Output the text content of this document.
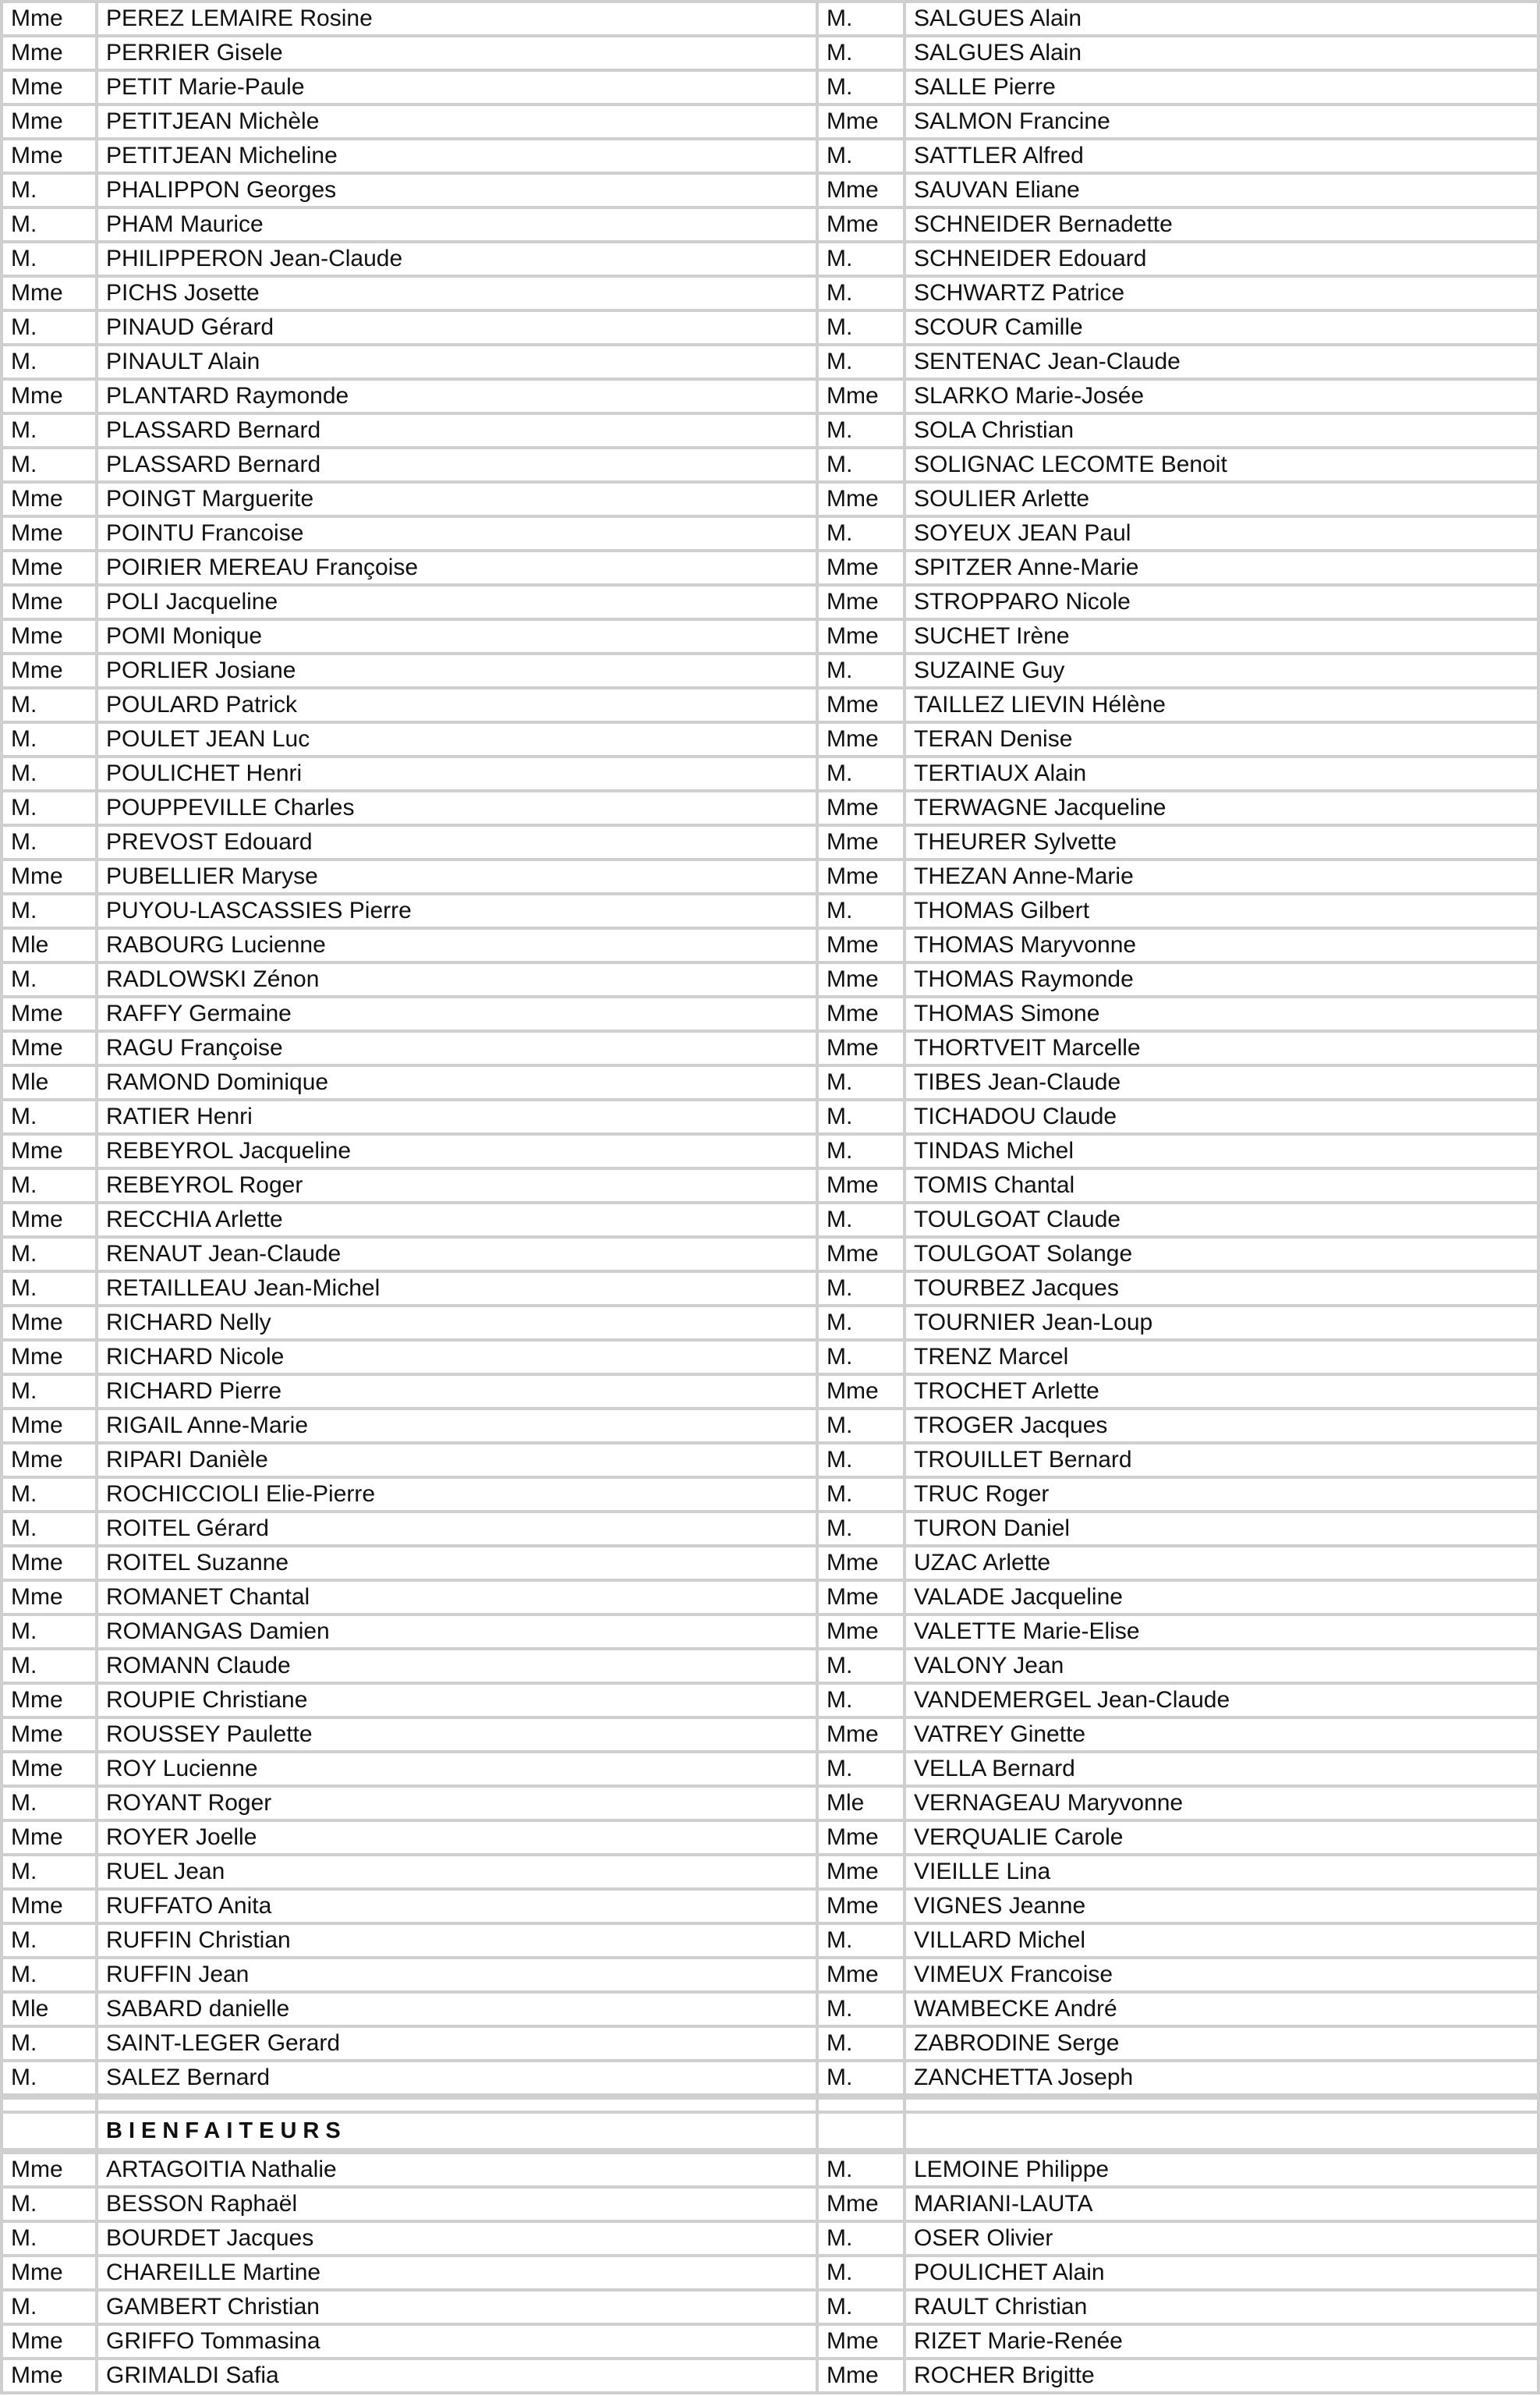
Mme	PEREZ LEMAIRE Rosine	M.	SALGUES Alain
Mme	PERRIER Gisele	M.	SALGUES Alain
Mme	PETIT Marie-Paule	M.	SALLE Pierre
Mme	PETITJEAN Michèle	Mme	SALMON Francine
Mme	PETITJEAN Micheline	M.	SATTLER Alfred
M.	PHALIPPON Georges	Mme	SAUVAN Eliane
M.	PHAM Maurice	Mme	SCHNEIDER Bernadette
M.	PHILIPPERON Jean-Claude	M.	SCHNEIDER Edouard
Mme	PICHS Josette	M.	SCHWARTZ Patrice
M.	PINAUD Gérard	M.	SCOUR Camille
M.	PINAULT Alain	M.	SENTENAC Jean-Claude
Mme	PLANTARD Raymonde	Mme	SLARKO Marie-Josée
M.	PLASSARD Bernard	M.	SOLA Christian
M.	PLASSARD Bernard	M.	SOLIGNAC LECOMTE Benoit
Mme	POINGT Marguerite	Mme	SOULIER Arlette
Mme	POINTU Francoise	M.	SOYEUX JEAN Paul
Mme	POIRIER MEREAU Françoise	Mme	SPITZER Anne-Marie
Mme	POLI Jacqueline	Mme	STROPPARO Nicole
Mme	POMI Monique	Mme	SUCHET Irène
Mme	PORLIER Josiane	M.	SUZAINE Guy
M.	POULARD Patrick	Mme	TAILLEZ LIEVIN Hélène
M.	POULET JEAN Luc	Mme	TERAN Denise
M.	POULICHET Henri	M.	TERTIAUX Alain
M.	POUPPEVILLE Charles	Mme	TERWAGNE Jacqueline
M.	PREVOST Edouard	Mme	THEURER Sylvette
Mme	PUBELLIER Maryse	Mme	THEZAN Anne-Marie
M.	PUYOU-LASCASSIES Pierre	M.	THOMAS Gilbert
Mle	RABOURG Lucienne	Mme	THOMAS Maryvonne
M.	RADLOWSKI Zénon	Mme	THOMAS Raymonde
Mme	RAFFY Germaine	Mme	THOMAS Simone
Mme	RAGU Françoise	Mme	THORTVEIT Marcelle
Mle	RAMOND Dominique	M.	TIBES Jean-Claude
M.	RATIER Henri	M.	TICHADOU Claude
Mme	REBEYROL Jacqueline	M.	TINDAS Michel
M.	REBEYROL Roger	Mme	TOMIS Chantal
Mme	RECCHIA Arlette	M.	TOULGOAT Claude
M.	RENAUT Jean-Claude	Mme	TOULGOAT Solange
M.	RETAILLEAU Jean-Michel	M.	TOURBEZ Jacques
Mme	RICHARD Nelly	M.	TOURNIER Jean-Loup
Mme	RICHARD Nicole	M.	TRENZ Marcel
M.	RICHARD Pierre	Mme	TROCHET Arlette
Mme	RIGAIL Anne-Marie	M.	TROGER Jacques
Mme	RIPARI Danièle	M.	TROUILLET Bernard
M.	ROCHICCIOLI Elie-Pierre	M.	TRUC Roger
M.	ROITEL Gérard	M.	TURON Daniel
Mme	ROITEL Suzanne	Mme	UZAC Arlette
Mme	ROMANET Chantal	Mme	VALADE Jacqueline
M.	ROMANGAS Damien	Mme	VALETTE Marie-Elise
M.	ROMANN Claude	M.	VALONY Jean
Mme	ROUPIE Christiane	M.	VANDEMERGEL Jean-Claude
Mme	ROUSSEY Paulette	Mme	VATREY Ginette
Mme	ROY Lucienne	M.	VELLA Bernard
M.	ROYANT Roger	Mle	VERNAGEAU Maryvonne
Mme	ROYER Joelle	Mme	VERQUALIE Carole
M.	RUEL Jean	Mme	VIEILLE Lina
Mme	RUFFATO Anita	Mme	VIGNES Jeanne
M.	RUFFIN Christian	M.	VILLARD Michel
M.	RUFFIN Jean	Mme	VIMEUX Francoise
Mle	SABARD danielle	M.	WAMBECKE André
M.	SAINT-LEGER Gerard	M.	ZABRODINE Serge
M.	SALEZ Bernard	M.	ZANCHETTA Joseph

	BIENFAITEURS		
Mme	ARTAGOITIA Nathalie	M.	LEMOINE Philippe
M.	BESSON Raphaël	Mme	MARIANI-LAUTA
M.	BOURDET Jacques	M.	OSER Olivier
Mme	CHAREILLE Martine	M.	POULICHET Alain
M.	GAMBERT Christian	M.	RAULT Christian
Mme	GRIFFO Tommasina	Mme	RIZET Marie-Renée
Mme	GRIMALDI Safia	Mme	ROCHER Brigitte
